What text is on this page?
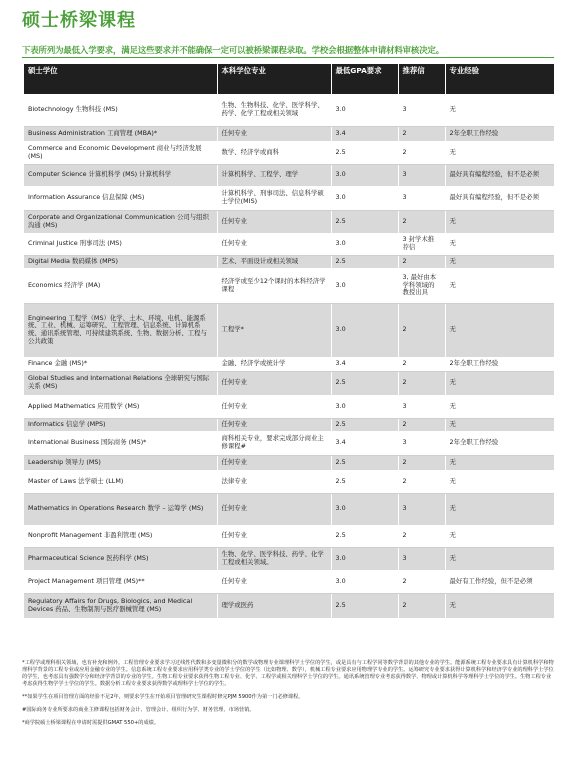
硕士桥梁课程
下表所列为最低入学要求，满足这些要求并不能确保一定可以被桥梁课程录取。学校会根据整体申请材料审核决定。
硕士学位	本科学位专业	最低GPA要求	推荐信	专业经验
Biotechnology 生物科技 (MS)	生物、生物科技、化学、医学科学、药学、化学工程或相关领域	3.0	3	无
Business Administration 工商管理 (MBA)*	任何专业	3.4	2	2年全职工作经验
Commerce and Economic Development 商业与经济发展 (MS)	数学、经济学或商科	2.5	2	无
Computer Science 计算机科学 (MS) 计算机科学	计算机科学、工程学、理学	3.0	3	最好具有编程经验，但不是必须
Information Assurance 信息保障 (MS)	计算机科学、刑事司法、信息科学硕士学位(MIS)	3.0	3	最好具有编程经验，但不是必须
Corporate and Organizational Communication 公司与组织沟通 (MS)	任何专业	2.5	2	无
Criminal Justice 刑事司法 (MS)	任何专业	3.0	3 封学术推荐信	无
Digital Media 数码媒体 (MPS)	艺术、平面设计或相关领域	2.5	2	无
Economics 经济学 (MA)	经济学或至少12个课时的本科经济学课程	3.0	3, 最好由本学科领域的教授出具	无
Engineering 工程学（MS）化学、土木、环境、电机、能源系统、工业、机械、运筹研究、工程管理、信息系统、计算机系统、通讯系统管理、可持续建筑系统、生物、数据分析、工程与公共政策	工程学*	3.0	2	无
Finance 金融 (MS)*	金融、经济学或统计学	3.4	2	2年全职工作经验
Global Studies and International Relations 全球研究与国际关系 (MS)	任何专业	2.5	2	无
Applied Mathematics 应用数学 (MS)	任何专业	3.0	3	无
Informatics 信息学 (MPS)	任何专业	2.5	2	无
International Business 国际商务 (MS)*	商科相关专业，要求完成部分商业主修课程#	3.4	3	2年全职工作经验
Leadership 领导力 (MS)	任何专业	2.5	2	无
Master of Laws 法学硕士 (LLM)	法律专业	2.5	2	无
Mathematics in Operations Research 数学 – 运筹学 (MS)	任何专业	3.0	3	无
Nonprofit Management 非盈利管理 (MS)	任何专业	2.5	2	无
Pharmaceutical Science 医药科学 (MS)	生物、化学、医学科技、药学、化学工程或相关领域。	3.0	3	无
Project Management 项目管理 (MS)**	任何专业	3.0	2	最好有工作经验，但不是必须
Regulatory Affairs for Drugs, Biologics, and Medical Devices 药品、生物制剂与医疗器械管理 (MS)	理学或医药	2.5	2	无

*工程学或理科相关领域，也有补充和例外。工程管理专业要求学习过线性代数和多变量微积分的数学或物理专业课理科学士学位的学生，或是具有与工程学同等数学背景的其他专业的学生。能源系统工程专业要求具有计算机科学和物理科学背景的工程专业或应用金融专业的学生。信息系统工程专业要求应用科学类专业的学士学位的学生（比如物理、数学），机械工程专业要求应用物理学专业的学生。运筹研究专业要求获得计算机科学和经济学专业的理科学士学位的学生，也考虑具有强数学分和经济学背景的专业的学生。生物工程专业要求获得生物工程专业、化学、工程学或相关理科学士学位的学生。通讯系统管理专业考虑获得数学、物理或计算机科学等理科学士学位的学生。生物工程专业考虑获得生物学学士学位的学生。数据分析工程专业要求获得数学或理科学士学位的学生。

**如果学生在项目管理方面的经验不足2年，则要求学生在开始项目管理研究生课程时修完PJM 5900作为第一门必修课程。

#国际商务专业所要求的商业主修课程包括财务会计、管理会计、组织行为学、财务管理、市场营销。

*商学院硕士桥梁课程在申请时需提供GMAT 550+的成绩。
